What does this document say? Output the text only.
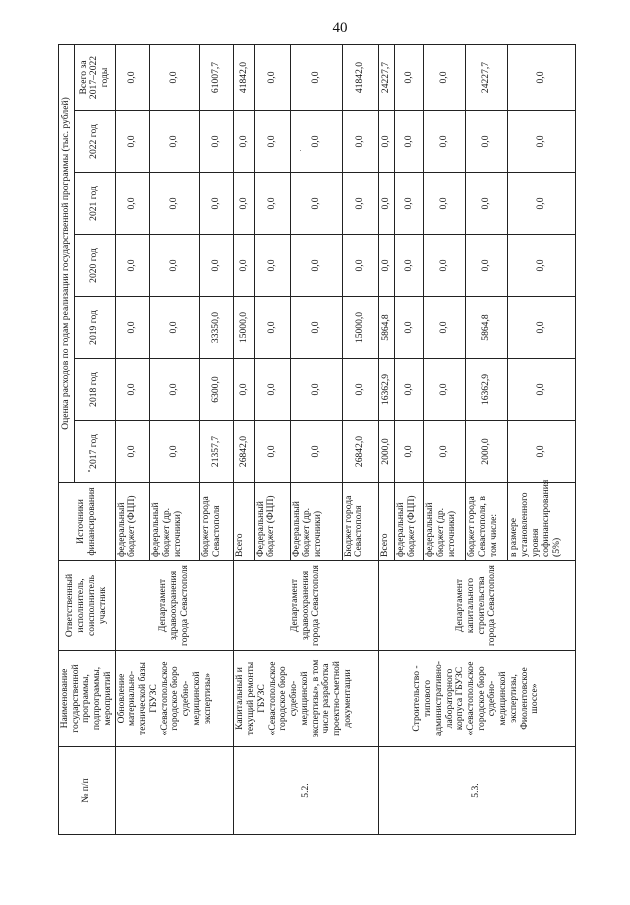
40
№ п/п	Наименование государственной программы, подпрограммы, мероприятий	Ответственный исполнитель, соисполнитель участник	Источники финансирования	Оценка расходов по годам реализации государственной программы (тыс. рублей)						
				2017 год	2018 год	2019 год	2020 год	2021 год	2022 год	Всего за 2017–2022 годы
	Обновление материально-технической базы ГБУЗС «Севастопольское городское бюро судебно-медицинской экспертизы»	Департамент здравоохранения города Севастополя	федеральный бюджет (ФЦП)	0,0	0,0	0,0	0,0	0,0	0,0	0,0
			федеральный бюджет (др. источники)	0,0	0,0	0,0	0,0	0,0	0,0	0,0
			бюджет города Севастополя	21357,7	6300,0	33350,0	0,0	0,0	0,0	61007,7
5.2.	Капитальный и текущий ремонты ГБУЗС «Севастопольское городское бюро судебно-медицинской экспертизы», в том числе разработка проектно-сметной документации	Департамент здравоохранения города Севастополя	Всего	26842,0	0,0	15000,0	0,0	0,0	0,0	41842,0
			Федеральный бюджет (ФЦП)	0,0	0,0	0,0	0,0	0,0	0,0	0,0
			Федеральный бюджет (др. источники)	0,0	0,0	0,0	0,0	0,0	0,0	0,0
			Бюджет города Севастополя	26842,0	0,0	15000,0	0,0	0,0	0,0	41842,0
5.3.	Строительство - типового административно-лабораторного корпуса ГБУЗС «Севастопольское городское бюро судебно-медицинской экспертизы, Фиолентовское шоссе»	Департамент капитального строительства города Севастополя	Всего	2000,0	16362,9	5864,8	0,0	0,0	0,0	24227,7
			федеральный бюджет (ФЦП)	0,0	0,0	0,0	0,0	0,0	0,0	0,0
			федеральный бюджет (др. источники)	0,0	0,0	0,0	0,0	0,0	0,0	0,0
			бюджет города Севастополя, в том числе:	2000,0	16362,9	5864,8	0,0	0,0	0,0	24227,7
			в размере установленного уровня софинансирования (5%)	0,0	0,0	0,0	0,0	0,0	0,0	0,0
